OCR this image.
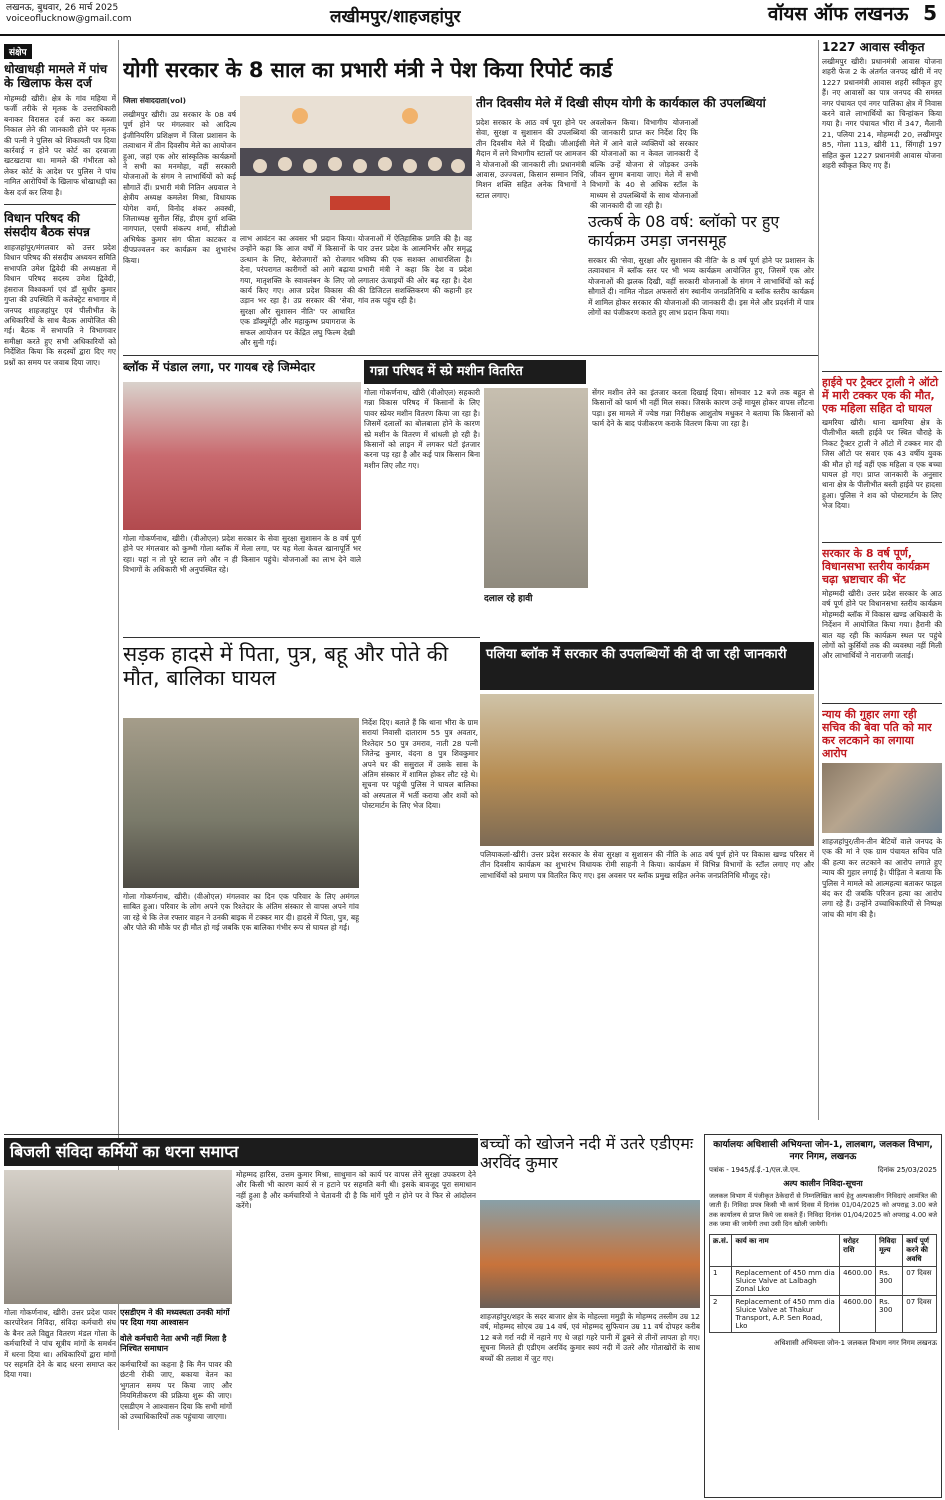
लखनऊ, बुधवार, 26 मार्च 2025
voiceoflucknow@gmail.com	लखीमपुर/शाहजहांपुर	वॉयस ऑफ लखनऊ 5
संक्षेप
धोखाधड़ी मामले में पांच के खिलाफ केस दर्ज
मोहम्मदी खीरी। क्षेत्र के गांव महिया में फर्जी तरीके से मृतक के उत्तराधिकारी बनाकर विरासत दर्ज करा कर कब्जा निकाल लेने की जानकारी होने पर मृतक की पत्नी ने पुलिस को शिकायती पत्र दिया कार्रवाई न होने पर कोर्ट का दरवाजा खटखटाया था। मामले की गंभीरता को लेकर कोर्ट के आदेश पर पुलिस ने पांच नामित आरोपियों के खिलाफ धोखाधड़ी का केस दर्ज कर लिया है।
विधान परिषद की संसदीय बैठक संपन्न
शाहजहांपुर/मंगलवार को उत्तर प्रदेश विधान परिषद की संसदीय अध्ययन समिति सभापति उमेश द्विवेदी की अध्यक्षता में विधान परिषद सदस्य उमेश द्विवेदी, हंसराज विश्वकर्मा एवं डॉ सुधीर कुमार गुप्ता की उपस्थिति में कलेक्ट्रेट सभागार में जनपद शाहजहांपुर एवं पीलीभीत के अधिकारियों के साथ बैठक आयोजित की गई। बैठक में सभापति ने विभागवार समीक्षा करते हुए सभी अधिकारियों को निर्देशित किया कि सदस्यों द्वारा दिए गए प्रश्नों का समय पर जवाब दिया जाए।
योगी सरकार के 8 साल का प्रभारी मंत्री ने पेश किया रिपोर्ट कार्ड
जिला संवाददाता(vol)	तीन दिवसीय मेले में दिखी सीएम योगी के कार्यकाल की उपलब्धियां
लखीमपुर खीरी। उप्र सरकार के 08 वर्ष पूर्ण होने पर मंगलवार को आदित्य इंजीनियरिंग प्रशिक्षण में जिला प्रशासन के तत्वाधान में तीन दिवसीय मेले का आयोजन हुआ, जहां एक ओर सांस्कृतिक कार्यक्रमों ने सभी का मनमोहा, वहीं सरकारी योजनाओं के संगम ने लाभार्थियों को कई सौगातें दीं। प्रभारी मंत्री नितिन अग्रवाल ने क्षेत्रीय अध्यक्ष कमलेश मिश्रा, विधायक योगेश वर्मा, विनोद शंकर अवस्थी, जिलाध्यक्ष सुनील सिंह, डीएम दुर्गा शक्ति नागपाल, एसपी संकल्प शर्मा, सीडीओ अभिषेक कुमार संग फीता काटकर व दीपप्रज्वलन कर कार्यक्रम का शुभारंभ किया।
लाभ आवंटन का अवसर भी प्रदान किया। उन्होंने कहा कि आज वर्षों में किसानों के उत्थान के लिए, बेरोजगारों को रोजगार देना, परंपरागत कारीगरों को आगे बढ़ाया गया, मातृशक्ति के स्वावलंबन के लिए जो कार्य किए गए। आज प्रदेश विकास की उड़ान भर रहा है। उप्र सरकार की 'सेवा, सुरक्षा और सुशासन नीति' पर आधारित एक डॉक्यूमेंट्री और महाकुम्भ प्रयागराज के सफल आयोजन पर केंद्रित लघु फिल्म देखी और सुनी गई।
योजनाओं में ऐतिहासिक प्रगति की है। वह पार उत्तर प्रदेश के आत्मनिर्भर और समृद्ध भविष्य की एक सशक्त आधारशिला है। प्रभारी मंत्री ने कहा कि देश व प्रदेश लगातार ऊंचाइयों की ओर बढ़ रहा है। देश की डिजिटल सशक्तिकरण की कहानी हर गांव तक पहुंच रही है।
प्रदेश सरकार के आठ वर्ष पूरा होने पर सेवा, सुरक्षा व सुशासन की उपलब्धियां तीन दिवसीय मेले में दिखी। जीआईसी मैदान में लगे विभागीय स्टालों पर आमजन ने योजनाओं की जानकारी ली। प्रधानमंत्री आवास, उज्ज्वला, किसान सम्मान निधि, मिशन शक्ति सहित अनेक विभागों ने स्टाल लगाए।
अवलोकन किया। विभागीय योजनाओं की जानकारी प्राप्त कर निर्देश दिए कि मेले में आने वाले व्यक्तियों को सरकार की योजनाओं का न केवल जानकारी दें बल्कि उन्हें योजना से जोड़कर उनके जीवन सुगम बनाया जाए। मेले में सभी विभागों के 40 से अधिक स्टॉल के माध्यम से उपलब्धियों के साथ योजनाओं की जानकारी दी जा रही है।
उत्कर्ष के 08 वर्ष: ब्लॉको पर हुए कार्यक्रम उमड़ा जनसमूह
सरकार की 'सेवा, सुरक्षा और सुशासन की नीति' के 8 वर्ष पूर्ण होने पर प्रशासन के तत्वावधान में ब्लॉक स्तर पर भी भव्य कार्यक्रम आयोजित हुए, जिसमें एक ओर योजनाओं की झलक दिखी, वहीं सरकारी योजनाओं के संगम ने लाभार्थियों को कई सौगातें दी। नामित नोडल अफसरों संग स्थानीय जनप्रतिनिधि व ब्लॉक स्तरीय कार्यक्रम में शामिल होकर सरकार की योजनाओं की जानकारी दी। इस मेले और प्रदर्शनी में पात्र लोगों का पंजीकरण कराते हुए लाभ प्रदान किया गया।
1227 आवास स्वीकृत
लखीमपुर खीरी। प्रधानमंत्री आवास योजना शहरी फेज 2 के अंतर्गत जनपद खीरी में नए 1227 प्रधानमंत्री आवास शहरी स्वीकृत हुए हैं। नए आवासों का पात्र जनपद की समस्त नगर पंचायत एवं नगर पालिका क्षेत्र में निवास करने वाले लाभार्थियों का चिन्हांकन किया गया है। नगर पंचायत भीरा में 347, मैलानी 21, पलिया 214, मोहम्मदी 20, लखीमपुर 85, गोला 113, खीरी 11, सिंगाही 197 सहित कुल 1227 प्रधानमंत्री आवास योजना शहरी स्वीकृत किए गए हैं।
हाईवे पर ट्रैक्टर ट्राली ने ऑटो में मारी टक्कर एक की मौत, एक महिला सहित दो घायल
खमरिया खीरी। थाना खमरिया क्षेत्र के पीलीभीत बस्ती हाईवे पर स्थित चौराहे के निकट ट्रैक्टर ट्राली ने ऑटो में टक्कर मार दी जिस ऑटो पर सवार एक 43 वर्षीय युवक की मौत हो गई वहीं एक महिला व एक बच्चा घायल हो गए। प्राप्त जानकारी के अनुसार थाना क्षेत्र के पीलीभीत बस्ती हाईवे पर हादसा हुआ। पुलिस ने शव को पोस्टमार्टम के लिए भेज दिया।
सरकार के 8 वर्ष पूर्ण, विधानसभा स्तरीय कार्यक्रम चढ़ा भ्रष्टाचार की भेंट
मोहम्मदी खीरी। उत्तर प्रदेश सरकार के आठ वर्ष पूर्ण होने पर विधानसभा स्तरीय कार्यक्रम मोहम्मदी ब्लॉक में विकास खण्ड अधिकारी के निर्देशन में आयोजित किया गया। हैरानी की बात यह रही कि कार्यक्रम स्थल पर पहुंचे लोगों को कुर्सियों तक की व्यवस्था नहीं मिली और लाभार्थियों ने नाराजगी जताई।
न्याय की गुहार लगा रही सचिव की बेवा पति को मार कर लटकाने का लगाया आरोप
शाहजहांपुर/तीन-तीन बेटियों वाले जनपद के एक की मां ने एक ग्राम पंचायत सचिव पति की हत्या कर लटकाने का आरोप लगाते हुए न्याय की गुहार लगाई है। पीड़िता ने बताया कि पुलिस ने मामले को आत्महत्या बताकर फाइल बंद कर दी जबकि परिजन हत्या का आरोप लगा रहे हैं। उन्होंने उच्चाधिकारियों से निष्पक्ष जांच की मांग की है।
ब्लॉक में पंडाल लगा, पर गायब रहे जिम्मेदार
गोला गोकर्णनाथ, खीरी। (वीओएल) प्रदेश सरकार के सेवा सुरक्षा सुशासन के 8 वर्ष पूर्ण होने पर मंगलवार को कुम्भी गोला ब्लॉक में मेला लगा, पर यह मेला केवल खानापूर्ति भर रहा। यहां न तो पूरे स्टाल लगे और न ही किसान पहुंचे। योजनाओं का लाभ देने वाले विभागों के अधिकारी भी अनुपस्थित रहे।
गन्ना परिषद में स्प्रे मशीन वितरित
गोला गोकर्णनाथ, खीरी (वीओएल) सहकारी गन्ना विकास परिषद में किसानों के लिए पावर स्प्रेयर मशीन वितरण किया जा रहा है। जिसमें दलालों का बोलबाला होने के कारण स्प्रे मशीन के वितरण में धांधली हो रही है। किसानों को लाइन में लगकर घंटों इंतजार करना पड़ रहा है और कई पात्र किसान बिना मशीन लिए लौट गए।
दलाल रहे हावी
सेंगर मशीन लेने का इंतजार करता दिखाई दिया। सोमवार 12 बजे तक बहुत से किसानों को फार्म भी नहीं मिल सका। जिसके कारण उन्हें मायूस होकर वापस लौटना पड़ा। इस मामले में ज्येष्ठ गन्ना निरीक्षक आशुतोष मधुकर ने बताया कि किसानों को फार्म देने के बाद पंजीकरण कराके वितरण किया जा रहा है।
सड़क हादसे में पिता, पुत्र, बहू और पोते की मौत, बालिका घायल
गोला गोकर्णनाथ, खीरी। (वीओएल) मंगलवार का दिन एक परिवार के लिए अमंगल साबित हुआ। परिवार के लोग अपने एक रिश्तेदार के अंतिम संस्कार से वापस अपने गांव जा रहे थे कि तेज रफ्तार वाहन ने उनकी बाइक में टक्कर मार दी। हादसे में पिता, पुत्र, बहू और पोते की मौके पर ही मौत हो गई जबकि एक बालिका गंभीर रूप से घायल हो गई।
निर्देश दिए। बताते हैं कि थाना भीरा के ग्राम सरायां निवासी दाताराम 55 पुत्र अवतार, रिश्तेदार 50 पुत्र उमराव, नाती 28 पत्नी जितेन्द्र कुमार, वंदना 8 पुत्र शिवकुमार अपने घर की ससुराल में उसके सास के अंतिम संस्कार में शामिल होकर लौट रहे थे। सूचना पर पहुंची पुलिस ने घायल बालिका को अस्पताल में भर्ती कराया और शवों को पोस्टमार्टम के लिए भेज दिया।
पलिया ब्लॉक में सरकार की उपलब्धियों की दी जा रही जानकारी
पलियाकलां-खीरी। उत्तर प्रदेश सरकार के सेवा सुरक्षा व सुशासन की नीति के आठ वर्ष पूर्ण होने पर विकास खण्ड परिसर में तीन दिवसीय कार्यक्रम का शुभारंभ विधायक रोमी साहनी ने किया। कार्यक्रम में विभिन्न विभागों के स्टॉल लगाए गए और लाभार्थियों को प्रमाण पत्र वितरित किए गए। इस अवसर पर ब्लॉक प्रमुख सहित अनेक जनप्रतिनिधि मौजूद रहे।
बच्चों को खोजने नदी में उतरे एडीएमः अरविंद कुमार
शाहजहांपुर/शहर के सदर बाजार क्षेत्र के मोहल्ला ममुड़ी के मोहम्मद तस्लीम उम्र 12 वर्ष, मोहम्मद सोएब उम्र 14 वर्ष, एवं मोहम्मद सुफियान उम्र 11 वर्ष दोपहर करीब 12 बजे गर्रा नदी में नहाने गए थे जहां गहरे पानी में डूबने से तीनों लापता हो गए। सूचना मिलते ही एडीएम अरविंद कुमार स्वयं नदी में उतरे और गोताखोरों के साथ बच्चों की तलाश में जुट गए।
बिजली संविदा कर्मियों का धरना समाप्त
गोला गोकर्णनाथ, खीरी। उत्तर प्रदेश पावर कारपोरेशन निविदा, संविदा कर्मचारी संघ के बैनर तले विद्युत वितरण मंडल गोला के कर्मचारियों ने पांच सूत्रीय मांगों के समर्थन में धरना दिया था। अधिकारियों द्वारा मांगों पर सहमति देने के बाद धरना समाप्त कर दिया गया।
एसडीएम ने की मध्यस्थता उनकी मांगों पर दिया गया आश्वासन
वोले कर्मचारी नेता अभी नहीं मिला है निश्चित समाधान
कर्मचारियों का कहना है कि मैन पावर की छंटनी रोकी जाए, बकाया वेतन का भुगतान समय पर किया जाए और नियमितीकरण की प्रक्रिया शुरू की जाए। एसडीएम ने आश्वासन दिया कि सभी मांगों को उच्चाधिकारियों तक पहुंचाया जाएगा।
मोहम्मद हारिस, उत्तम कुमार मिश्रा, साथुमान को कार्य पर वापस लेने सुरक्षा उपकरण देने और किसी भी कारण कार्य से न हटाने पर सहमति बनी थी। इसके बावजूद पूरा समाधान नहीं हुआ है और कर्मचारियों ने चेतावनी दी है कि मांगें पूरी न होने पर वे फिर से आंदोलन करेंगे।
कार्यालयः अधिशासी अभियन्ता जोन-1, लालबाग, जलकल विभाग, नगर निगम, लखनऊ
पत्रांक - 1945/ई.ई.-1/एल.जे.एन.	दिनांक 25/03/2025
अल्प कालीन निविदा-सूचना
जलकल विभाग में पंजीकृत ठेकेदारों से निम्नलिखित कार्य हेतु अल्पकालीन निविदाएं आमंत्रित की जाती हैं। निविदा प्रपत्र किसी भी कार्य दिवस में दिनांक 01/04/2025 को अपराह्न 3.00 बजे तक कार्यालय से प्राप्त किये जा सकते हैं। निविदा दिनांक 01/04/2025 को अपराह्न 4.00 बजे तक जमा की जायेगी तथा उसी दिन खोली जायेगी।
क्र.सं.	कार्य का नाम	धरोहर राशि	निविदा मूल्य	कार्य पूर्ण करने की अवधि
1	Replacement of 450 mm dia Sluice Valve at Lalbagh Zonal Lko	4600.00	Rs. 300	07 दिवस
2	Replacement of 450 mm dia Sluice Valve at Thakur Transport, A.P. Sen Road, Lko	4600.00	Rs. 300	07 दिवस
अधिशासी अभियन्ता जोन-1 जलकल विभाग नगर निगम लखनऊ
